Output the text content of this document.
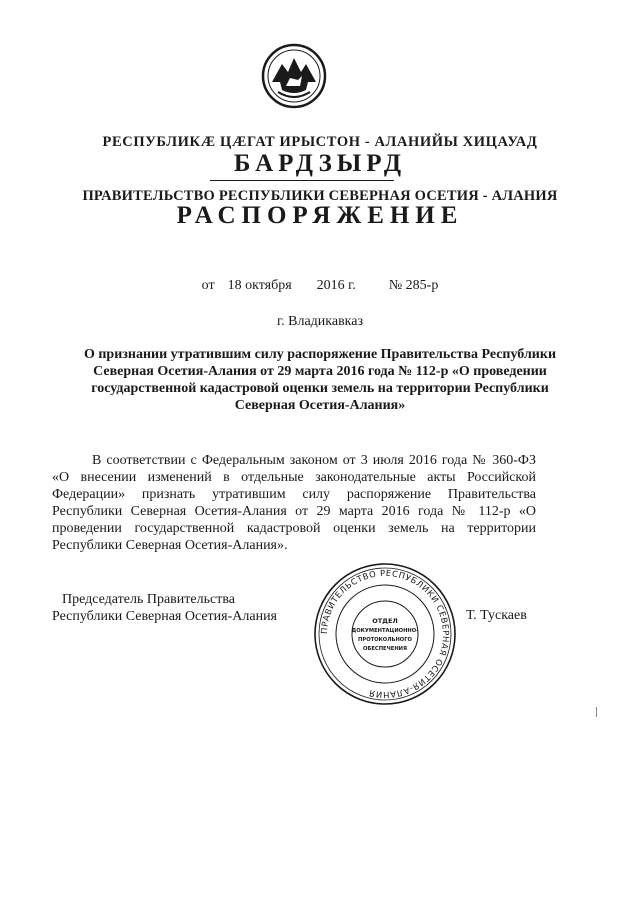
РЕСПУБЛИКӔ ЦӔГАТ ИРЫСТОН - АЛАНИЙЫ ХИЦАУАД
БАРДЗЫРД
ПРАВИТЕЛЬСТВО РЕСПУБЛИКИ СЕВЕРНАЯ ОСЕТИЯ - АЛАНИЯ
РАСПОРЯЖЕНИЕ
от 18 октября 2016 г. № 285-р
г. Владикавказ
О признании утратившим силу распоряжение Правительства Республики Северная Осетия-Алания от 29 марта 2016 года № 112-р «О проведении государственной кадастровой оценки земель на территории Республики Северная Осетия-Алания»

В соответствии с Федеральным законом от 3 июля 2016 года № 360-ФЗ «О внесении изменений в отдельные законодательные акты Российской Федерации» признать утратившим силу распоряжение Правительства Республики Северная Осетия-Алания от 29 марта 2016 года № 112-р «О проведении государственной кадастровой оценки земель на территории Республики Северная Осетия-Алания».

Председатель Правительства
Республики Северная Осетия-Алания
ПРАВИТЕЛЬСТВО РЕСПУБЛИКИ СЕВЕРНАЯ ОСЕТИЯ-АЛАНИЯ
ОТДЕЛ
ДОКУМЕНТАЦИОННО-
ПРОТОКОЛЬНОГО
ОБЕСПЕЧЕНИЯ
Т. Тускаев
